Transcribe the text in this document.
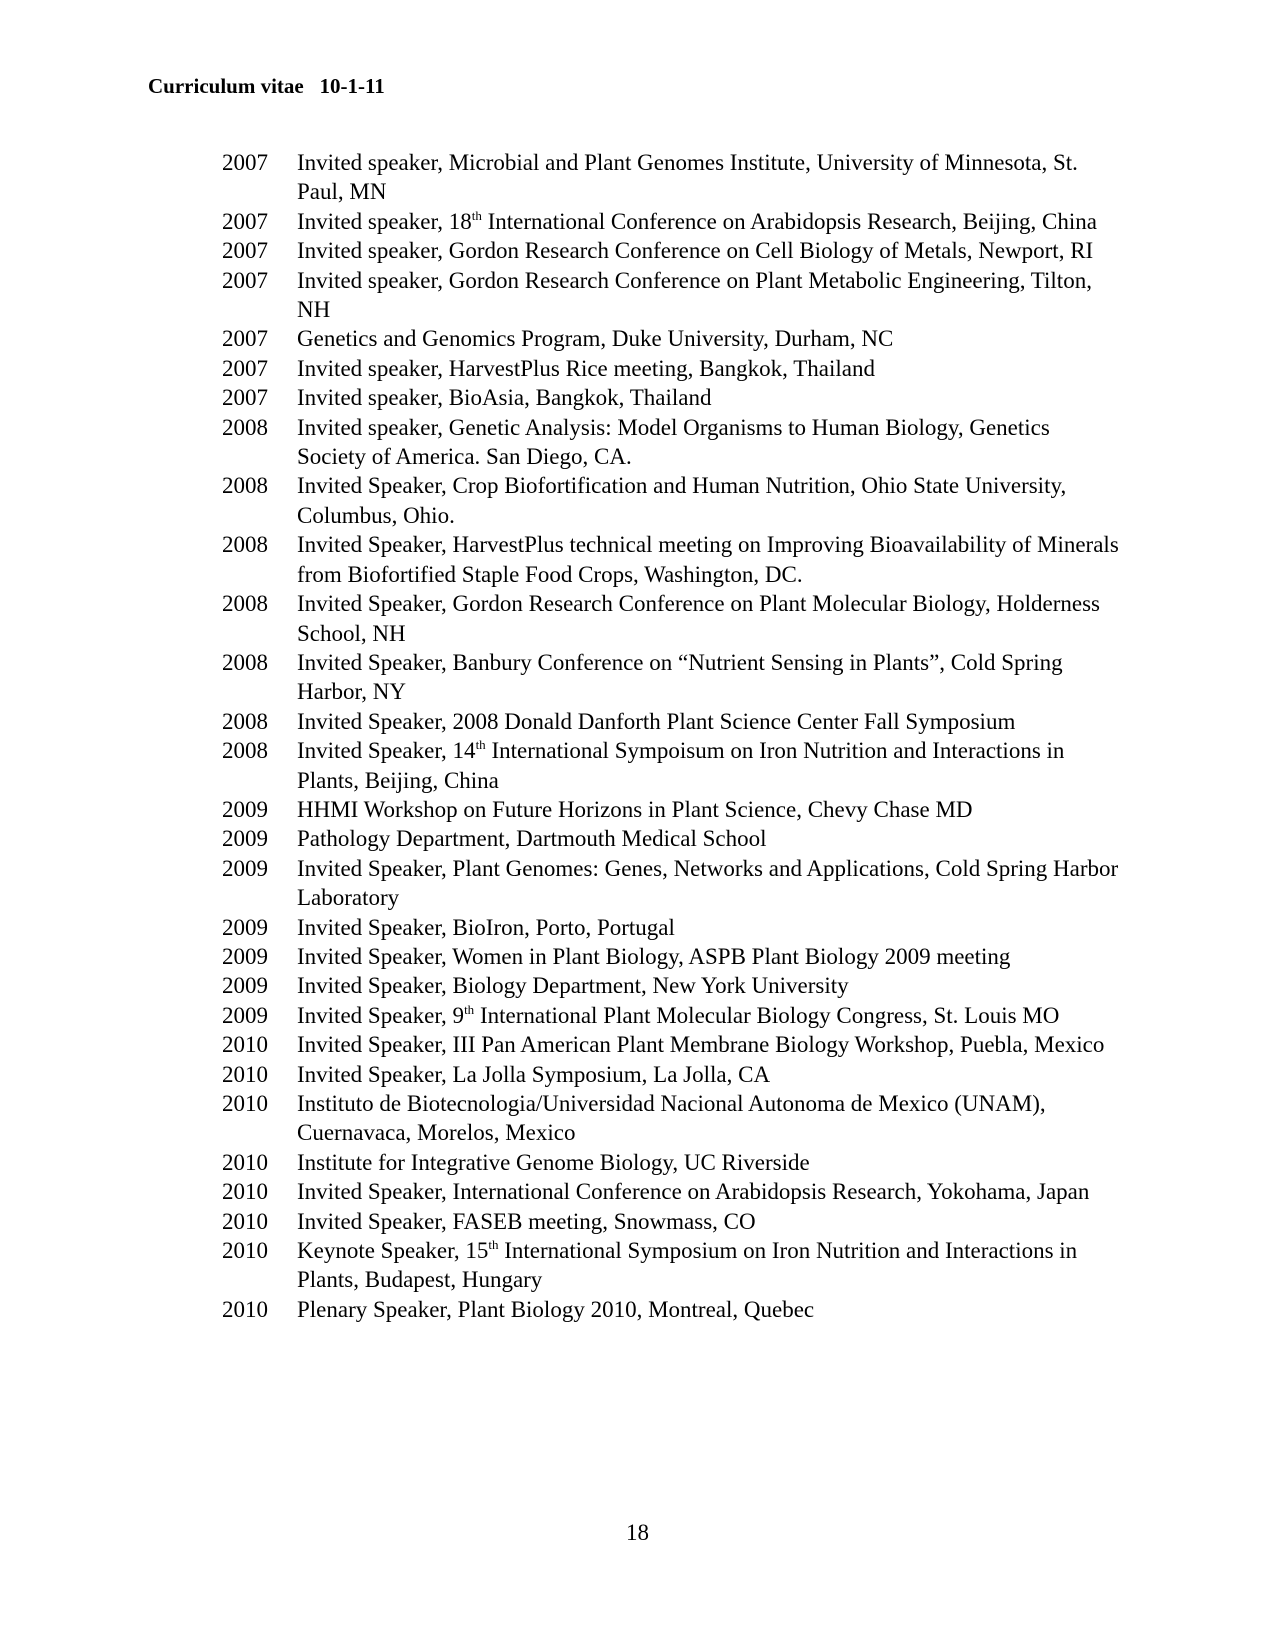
Curriculum vitae   10-1-11
2007	Invited speaker, Microbial and Plant Genomes Institute, University of Minnesota, St. Paul, MN
2007	Invited speaker, 18th International Conference on Arabidopsis Research, Beijing, China
2007	Invited speaker, Gordon Research Conference on Cell Biology of Metals, Newport, RI
2007	Invited speaker, Gordon Research Conference on Plant Metabolic Engineering, Tilton, NH
2007	Genetics and Genomics Program, Duke University, Durham, NC
2007	Invited speaker, HarvestPlus Rice meeting, Bangkok, Thailand
2007	Invited speaker, BioAsia, Bangkok, Thailand
2008	Invited speaker, Genetic Analysis: Model Organisms to Human Biology, Genetics Society of America. San Diego, CA.
2008	Invited Speaker, Crop Biofortification and Human Nutrition, Ohio State University, Columbus, Ohio.
2008	Invited Speaker, HarvestPlus technical meeting on Improving Bioavailability of Minerals from Biofortified Staple Food Crops, Washington, DC.
2008	Invited Speaker, Gordon Research Conference on Plant Molecular Biology, Holderness School, NH
2008	Invited Speaker, Banbury Conference on “Nutrient Sensing in Plants”, Cold Spring Harbor, NY
2008	Invited Speaker, 2008 Donald Danforth Plant Science Center Fall Symposium
2008	Invited Speaker, 14th International Sympoisum on Iron Nutrition and Interactions in Plants, Beijing, China
2009	HHMI Workshop on Future Horizons in Plant Science, Chevy Chase MD
2009	Pathology Department, Dartmouth Medical School
2009	Invited Speaker, Plant Genomes: Genes, Networks and Applications, Cold Spring Harbor Laboratory
2009	Invited Speaker, BioIron, Porto, Portugal
2009	Invited Speaker, Women in Plant Biology, ASPB Plant Biology 2009 meeting
2009	Invited Speaker, Biology Department, New York University
2009	Invited Speaker, 9th International Plant Molecular Biology Congress, St. Louis MO
2010	Invited Speaker, III Pan American Plant Membrane Biology Workshop, Puebla, Mexico
2010	Invited Speaker, La Jolla Symposium, La Jolla, CA
2010	Instituto de Biotecnologia/Universidad Nacional Autonoma de Mexico (UNAM), Cuernavaca, Morelos, Mexico
2010	Institute for Integrative Genome Biology, UC Riverside
2010	Invited Speaker, International Conference on Arabidopsis Research, Yokohama, Japan
2010	Invited Speaker, FASEB meeting, Snowmass, CO
2010	Keynote Speaker, 15th International Symposium on Iron Nutrition and Interactions in Plants, Budapest, Hungary
2010	Plenary Speaker, Plant Biology 2010, Montreal, Quebec
18
